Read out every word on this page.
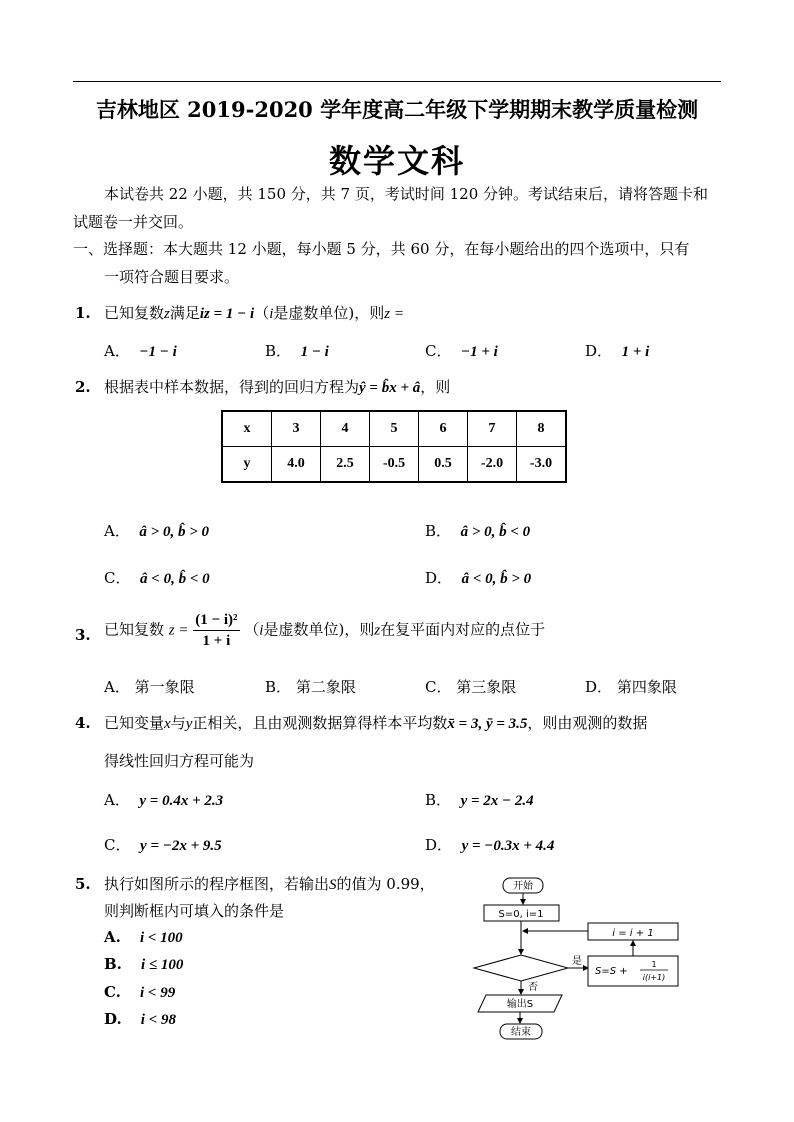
吉林地区 2019-2020 学年度高二年级下学期期末教学质量检测
数学文科
本试卷共 22 小题，共 150 分，共 7 页，考试时间 120 分钟。考试结束后，请将答题卡和
试题卷一并交回。
一、选择题：本大题共 12 小题，每小题 5 分，共 60 分，在每小题给出的四个选项中，只有
一项符合题目要求。
1. 已知复数z满足iz = 1 − i（i是虚数单位)，则z =
A． −1 − i	B． 1 − i	C． −1 + i	D． 1 + i
2. 根据表中样本数据，得到的回归方程为ŷ = b̂x + â，则
x	3	4	5	6	7	8
y	4.0	2.5	-0.5	0.5	-2.0	-3.0
A． â > 0, b̂ > 0	B． â > 0, b̂ < 0
C． â < 0, b̂ < 0	D． â < 0, b̂ > 0
3. 已知复数 $z = \frac{\text{(1 − i)²}}{1 + i} (i$是虚数单位)，则z在复平面内对应的点位于
A． 第一象限	B． 第二象限	C． 第三象限	D． 第四象限
4. 已知变量x与y正相关，且由观测数据算得样本平均数x̄ = 3, ȳ = 3.5，则由观测的数据
得线性回归方程可能为
A． y = 0.4x + 2.3	B． y = 2x − 2.4
C． y = −2x + 9.5	D． y = −0.3x + 4.4
5. 执行如图所示的程序框图，若输出S的值为 0.99，
则判断框内可填入的条件是
A. i < 100
B. i ≤ 100
C. i < 99
D. i < 98
开始
S=0, i=1
i = i + 1
是
S=S +
1
i(i+1)
否
输出S
结束
